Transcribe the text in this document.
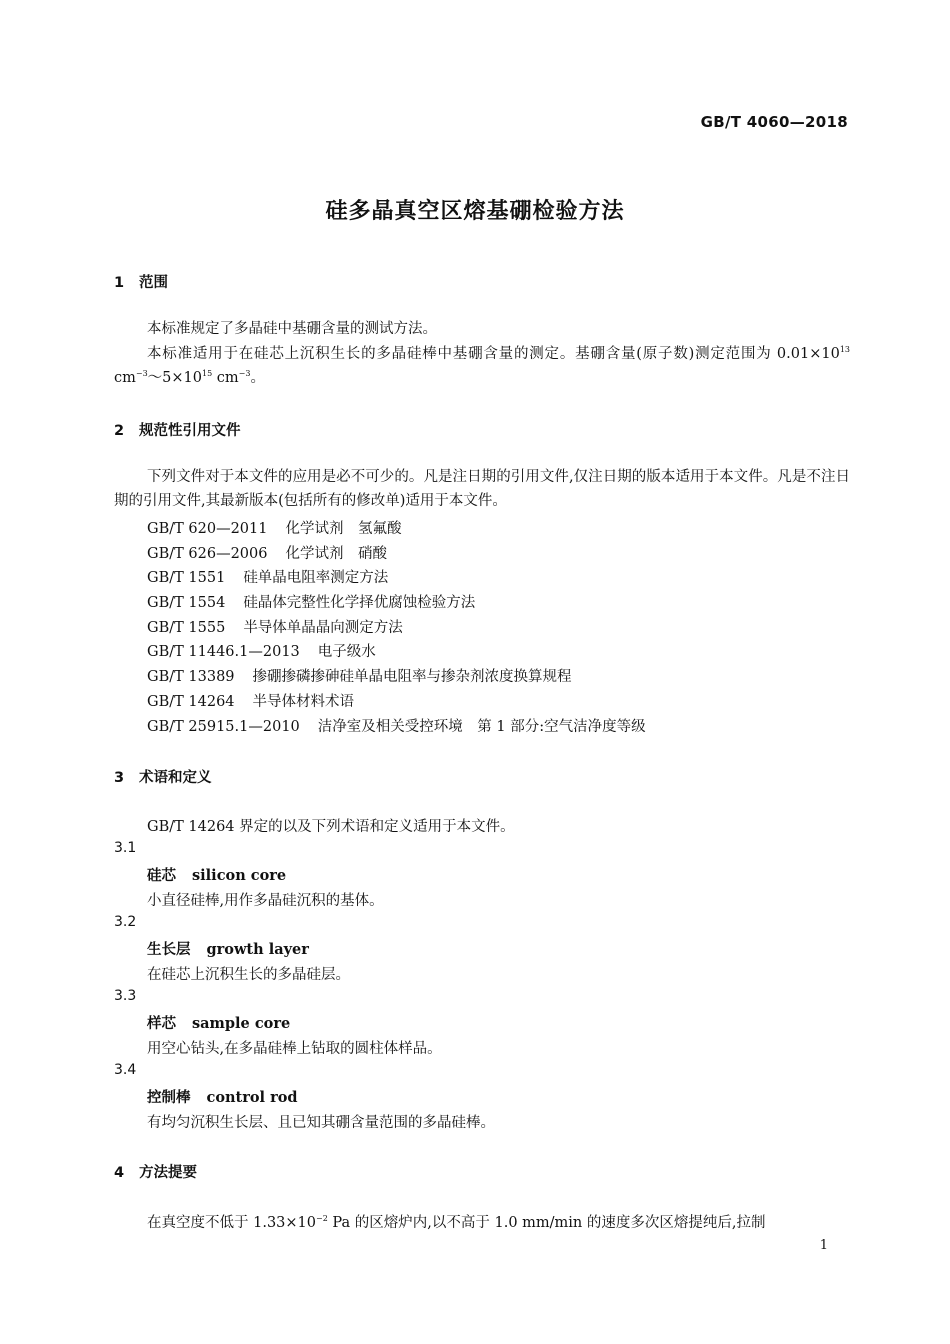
GB/T 4060—2018
硅多晶真空区熔基硼检验方法
1 范围
本标准规定了多晶硅中基硼含量的测试方法。
本标准适用于在硅芯上沉积生长的多晶硅棒中基硼含量的测定。基硼含量(原子数)测定范围为 $0.01\times 10^{13}$ $cm^{-3}\sim 5\times 10^{15}$ $cm^{-3}$。
2 规范性引用文件
下列文件对于本文件的应用是必不可少的。凡是注日期的引用文件,仅注日期的版本适用于本文件。凡是不注日期的引用文件,其最新版本(包括所有的修改单)适用于本文件。
GB/T 620—2011 化学试剂　氢氟酸
GB/T 626—2006 化学试剂　硝酸
GB/T 1551 硅单晶电阻率测定方法
GB/T 1554 硅晶体完整性化学择优腐蚀检验方法
GB/T 1555 半导体单晶晶向测定方法
GB/T 11446.1—2013 电子级水
GB/T 13389 掺硼掺磷掺砷硅单晶电阻率与掺杂剂浓度换算规程
GB/T 14264 半导体材料术语
GB/T 25915.1—2010 洁净室及相关受控环境　第 1 部分:空气洁净度等级
3 术语和定义
GB/T 14264 界定的以及下列术语和定义适用于本文件。
3.1
硅芯 silicon core
小直径硅棒,用作多晶硅沉积的基体。
3.2
生长层 growth layer
在硅芯上沉积生长的多晶硅层。
3.3
样芯 sample core
用空心钻头,在多晶硅棒上钻取的圆柱体样品。
3.4
控制棒 control rod
有均匀沉积生长层、且已知其硼含量范围的多晶硅棒。
4 方法提要
在真空度不低于 $1.33\times 10^{-2}$ Pa 的区熔炉内,以不高于 1.0 mm/min 的速度多次区熔提纯后,拉制
1
